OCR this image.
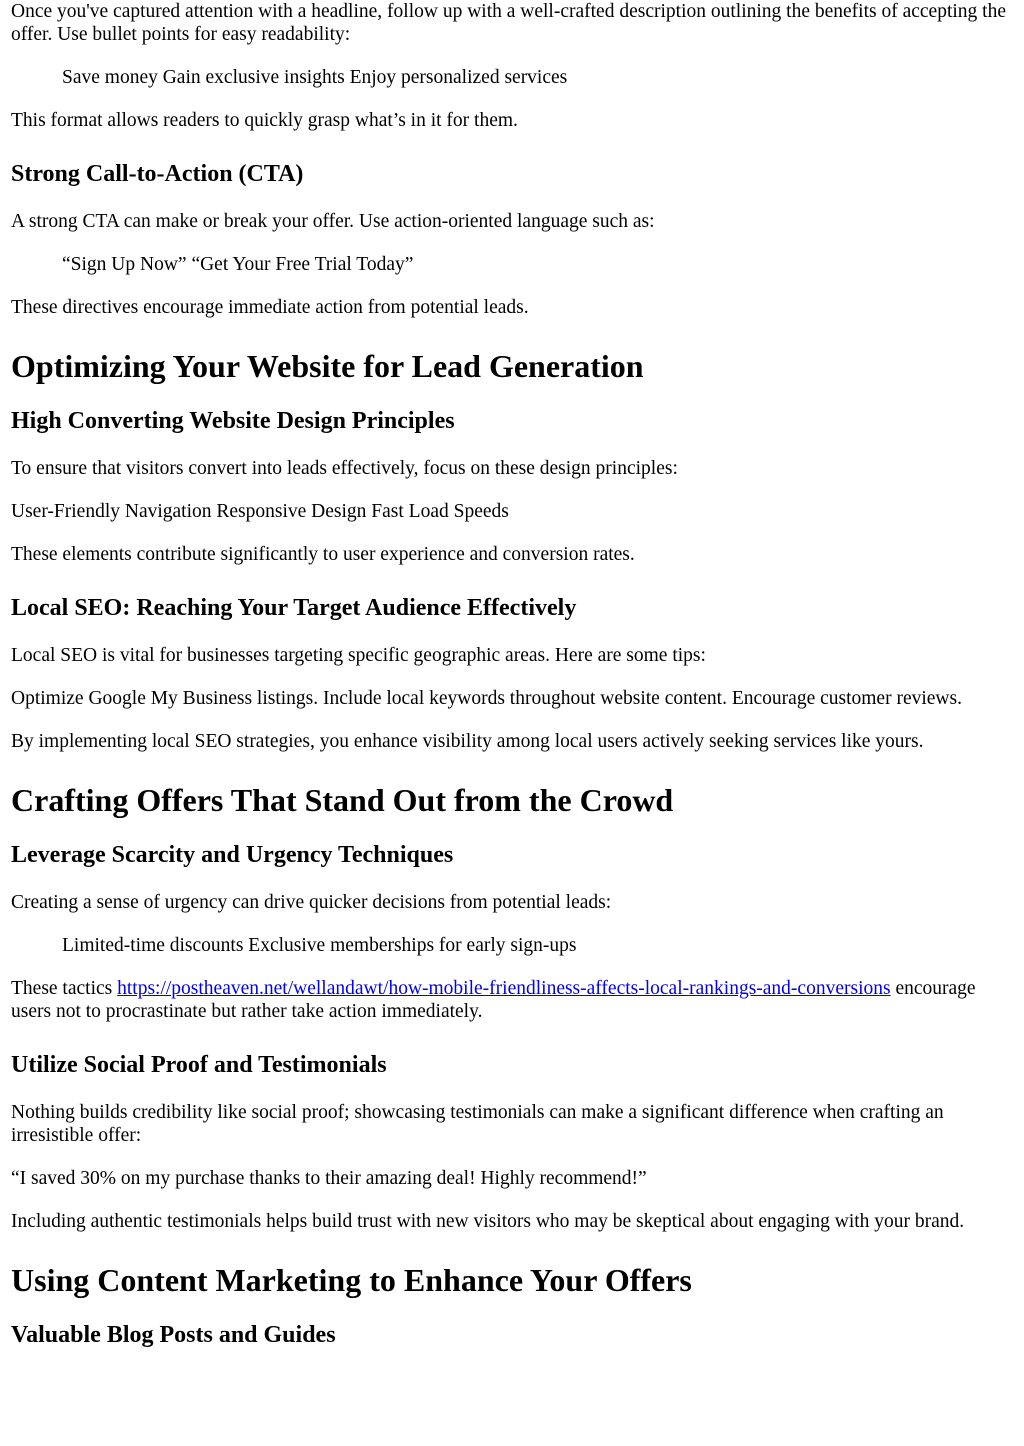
Once you've captured attention with a headline, follow up with a well-crafted description outlining the benefits of accepting the offer. Use bullet points for easy readability:

Save money Gain exclusive insights Enjoy personalized services

This format allows readers to quickly grasp what’s in it for them.

Strong Call-to-Action (CTA)

A strong CTA can make or break your offer. Use action-oriented language such as:

“Sign Up Now” “Get Your Free Trial Today”

These directives encourage immediate action from potential leads.

Optimizing Your Website for Lead Generation
High Converting Website Design Principles

To ensure that visitors convert into leads effectively, focus on these design principles:

User-Friendly Navigation Responsive Design Fast Load Speeds

These elements contribute significantly to user experience and conversion rates.

Local SEO: Reaching Your Target Audience Effectively

Local SEO is vital for businesses targeting specific geographic areas. Here are some tips:

Optimize Google My Business listings. Include local keywords throughout website content. Encourage customer reviews.

By implementing local SEO strategies, you enhance visibility among local users actively seeking services like yours.

Crafting Offers That Stand Out from the Crowd
Leverage Scarcity and Urgency Techniques

Creating a sense of urgency can drive quicker decisions from potential leads:

Limited-time discounts Exclusive memberships for early sign-ups

These tactics https://postheaven.net/wellandawt/how-mobile-friendliness-affects-local-rankings-and-conversions encourage users not to procrastinate but rather take action immediately.

Utilize Social Proof and Testimonials

Nothing builds credibility like social proof; showcasing testimonials can make a significant difference when crafting an irresistible offer:

“I saved 30% on my purchase thanks to their amazing deal! Highly recommend!”

Including authentic testimonials helps build trust with new visitors who may be skeptical about engaging with your brand.

Using Content Marketing to Enhance Your Offers
Valuable Blog Posts and Guides
